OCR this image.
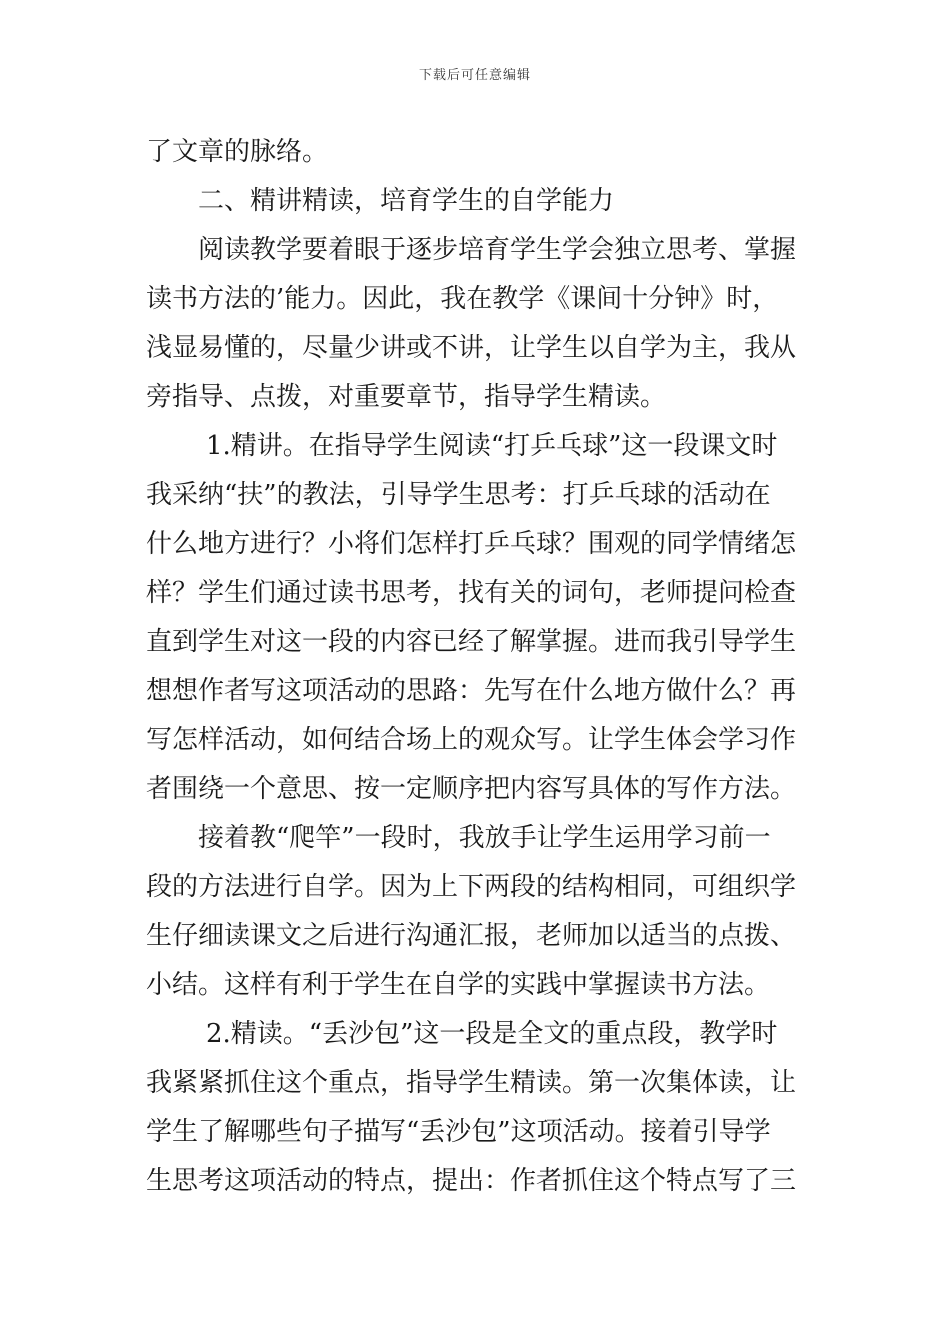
下载后可任意编辑
了文章的脉络。
二、精讲精读，培育学生的自学能力
阅读教学要着眼于逐步培育学生学会独立思考、掌握
读书方法的’能力。因此，我在教学《课间十分钟》时，
浅显易懂的，尽量少讲或不讲，让学生以自学为主，我从
旁指导、点拨，对重要章节，指导学生精读。
1.精讲。在指导学生阅读“打乒乓球”这一段课文时
我采纳“扶”的教法，引导学生思考：打乒乓球的活动在
什么地方进行？小将们怎样打乒乓球？围观的同学情绪怎
样？学生们通过读书思考，找有关的词句，老师提问检查
直到学生对这一段的内容已经了解掌握。进而我引导学生
想想作者写这项活动的思路：先写在什么地方做什么？再
写怎样活动，如何结合场上的观众写。让学生体会学习作
者围绕一个意思、按一定顺序把内容写具体的写作方法。
接着教“爬竿”一段时，我放手让学生运用学习前一
段的方法进行自学。因为上下两段的结构相同，可组织学
生仔细读课文之后进行沟通汇报，老师加以适当的点拨、
小结。这样有利于学生在自学的实践中掌握读书方法。
2.精读。“丢沙包”这一段是全文的重点段，教学时
我紧紧抓住这个重点，指导学生精读。第一次集体读，让
学生了解哪些句子描写“丢沙包”这项活动。接着引导学
生思考这项活动的特点，提出：作者抓住这个特点写了三
